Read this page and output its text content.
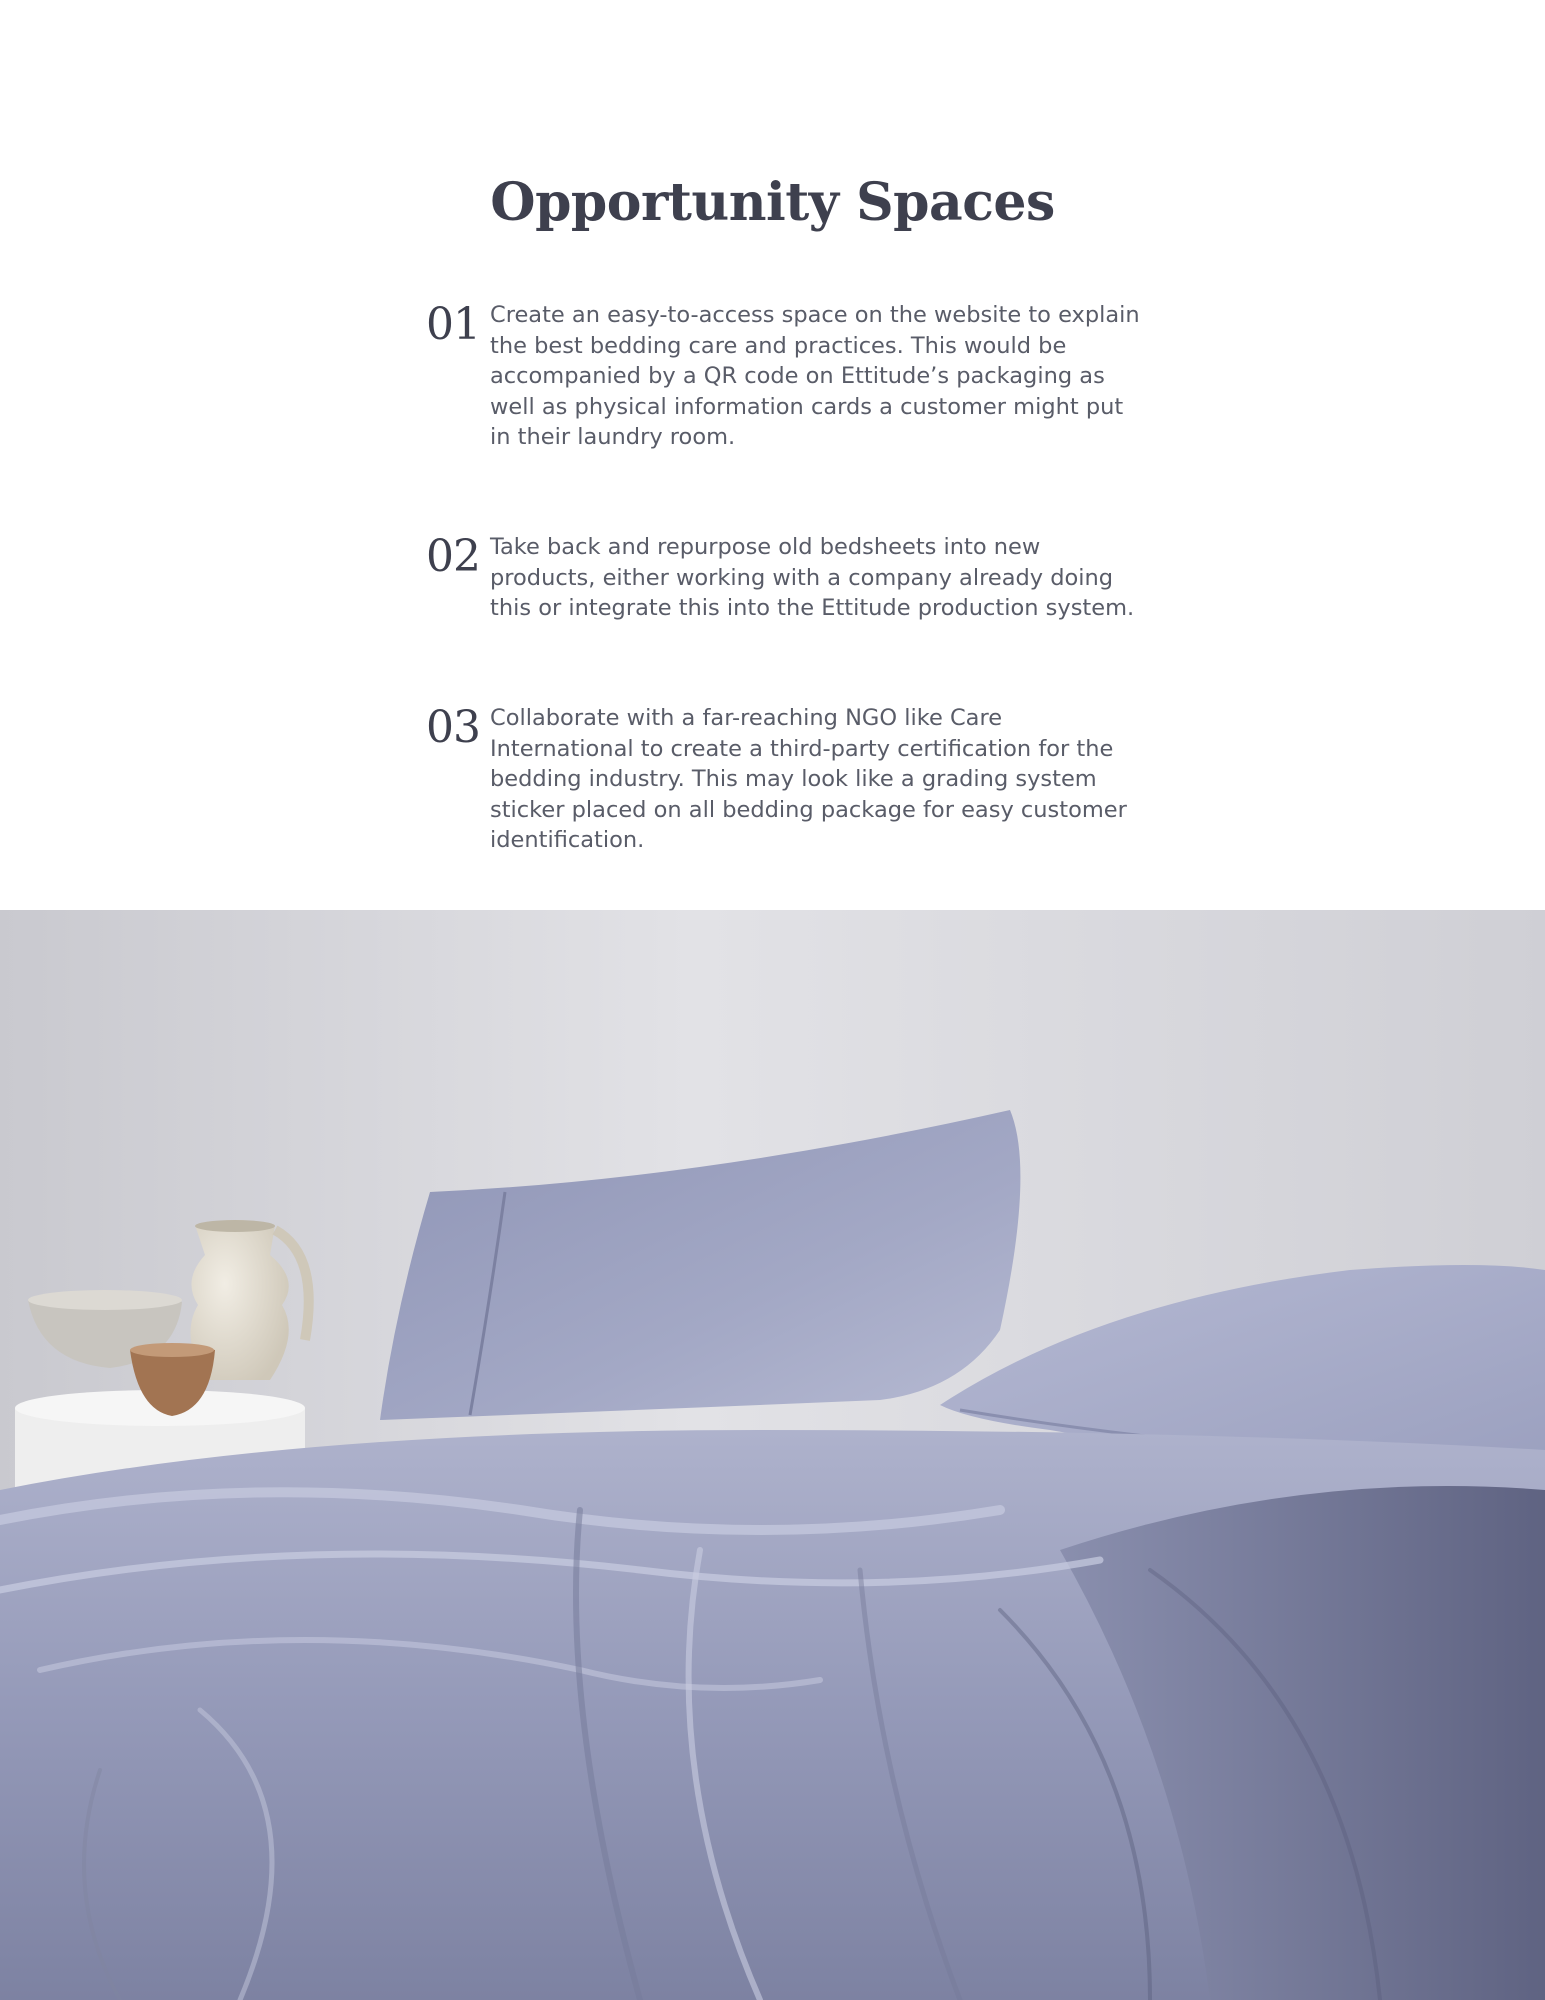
Opportunity Spaces
01 Create an easy-to-access space on the website to explain the best bedding care and practices. This would be accompanied by a QR code on Ettitude’s packaging as well as physical information cards a customer might put in their laundry room.

02 Take back and repurpose old bedsheets into new products, either working with a company already doing this or integrate this into the Ettitude production system.

03 Collaborate with a far-reaching NGO like Care International to create a third-party certification for the bedding industry. This may look like a grading system sticker placed on all bedding package for easy customer identification.
